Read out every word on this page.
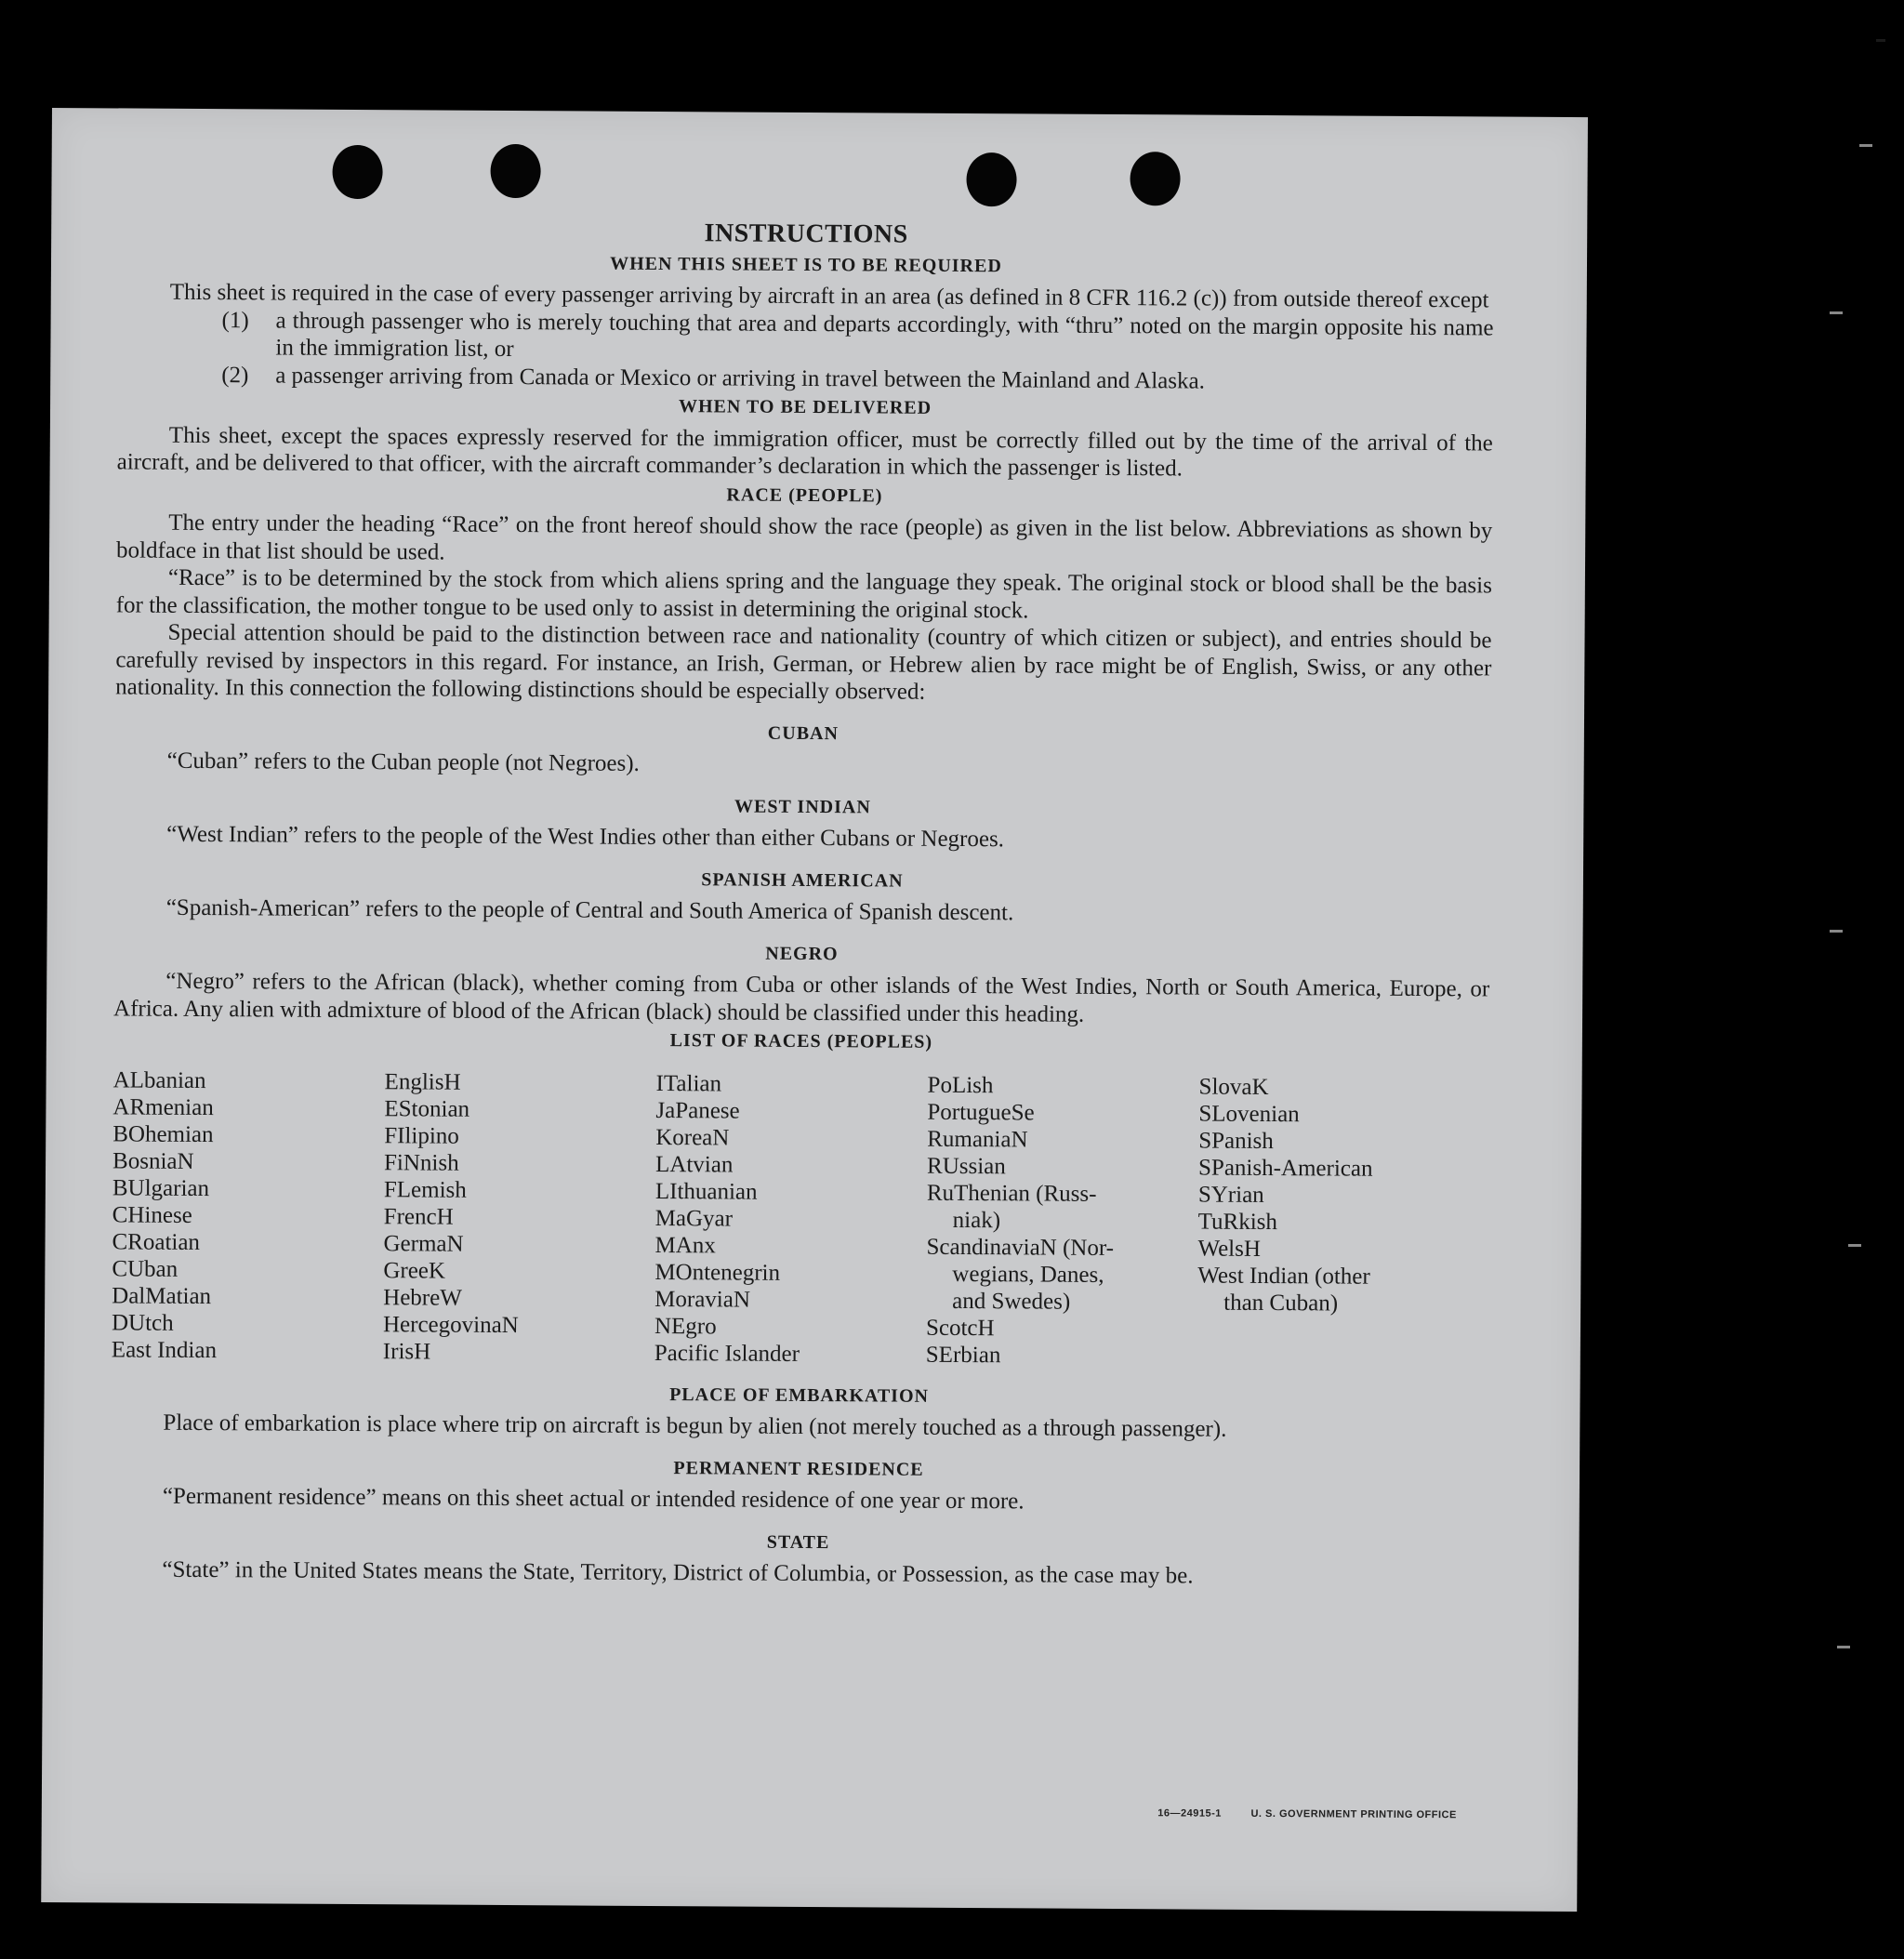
INSTRUCTIONS
WHEN THIS SHEET IS TO BE REQUIRED

This sheet is required in the case of every passenger arriving by aircraft in an area (as defined in 8 CFR 116.2 (c)) from outside thereof except

(1)	a through passenger who is merely touching that area and departs accordingly, with “thru” noted on the margin opposite his name in the immigration list, or
(2)	a passenger arriving from Canada or Mexico or arriving in travel between the Mainland and Alaska.
WHEN TO BE DELIVERED

This sheet, except the spaces expressly reserved for the immigration officer, must be correctly filled out by the time of the arrival of the aircraft, and be delivered to that officer, with the aircraft commander’s declaration in which the passenger is listed.

RACE (PEOPLE)

The entry under the heading “Race” on the front hereof should show the race (people) as given in the list below. Abbreviations as shown by boldface in that list should be used.

“Race” is to be determined by the stock from which aliens spring and the language they speak. The original stock or blood shall be the basis for the classification, the mother tongue to be used only to assist in determining the original stock.

Special attention should be paid to the distinction between race and nationality (country of which citizen or subject), and entries should be carefully revised by inspectors in this regard. For instance, an Irish, German, or Hebrew alien by race might be of English, Swiss, or any other nationality. In this connection the following distinctions should be especially observed:

CUBAN

“Cuban” refers to the Cuban people (not Negroes).

WEST INDIAN

“West Indian” refers to the people of the West Indies other than either Cubans or Negroes.

SPANISH AMERICAN

“Spanish-American” refers to the people of Central and South America of Spanish descent.

NEGRO

“Negro” refers to the African (black), whether coming from Cuba or other islands of the West Indies, North or South America, Europe, or Africa. Any alien with admixture of blood of the African (black) should be classified under this heading.

LIST OF RACES (PEOPLES)
ALbanian
ARmenian
BOhemian
BosniaN
BUlgarian
CHinese
CRoatian
CUban
DalMatian
DUtch
East Indian
EnglisH
EStonian
FIlipino
FiNnish
FLemish
FrencH
GermaN
GreeK
HebreW
HercegovinaN
IrisH
ITalian
JaPanese
KoreaN
LAtvian
LIthuanian
MaGyar
MAnx
MOntenegrin
MoraviaN
NEgro
Pacific Islander
PoLish
PortugueSe
RumaniaN
RUssian
RuThenian (Russ-
niak)
ScandinaviaN (Nor-
wegians, Danes,
and Swedes)
ScotcH
SErbian
SlovaK
SLovenian
SPanish
SPanish-American
SYrian
TuRkish
WelsH
West Indian (other
than Cuban)
PLACE OF EMBARKATION

Place of embarkation is place where trip on aircraft is begun by alien (not merely touched as a through passenger).

PERMANENT RESIDENCE

“Permanent residence” means on this sheet actual or intended residence of one year or more.

STATE

“State” in the United States means the State, Territory, District of Columbia, or Possession, as the case may be.

16—24915-1	U. S. GOVERNMENT PRINTING OFFICE
